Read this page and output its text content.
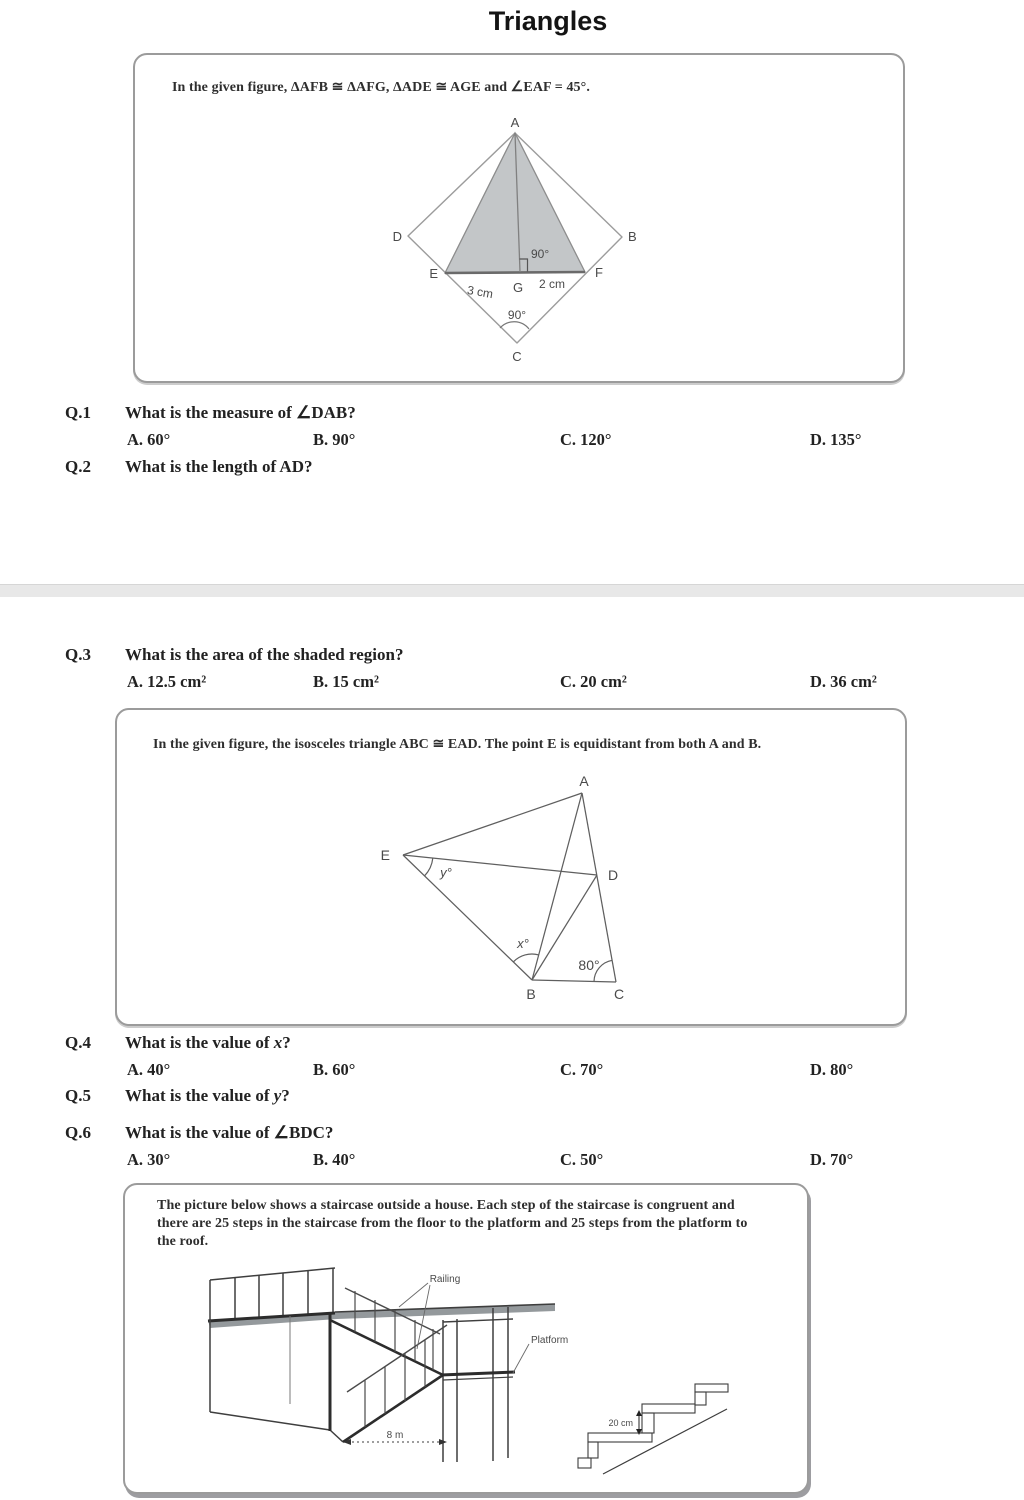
Triangles
In the given figure, ΔAFB ≅ ΔAFG, ΔADE ≅ AGE and ∠EAF = 45°.
A
D	B
E
G
F
C
90°
2 cm
3 cm
90°
Q.1 What is the measure of ∠DAB?
A. 60°	B. 90°	C. 120°	D. 135°
Q.2 What is the length of AD?
Q.3 What is the area of the shaded region?
A. 12.5 cm²	B. 15 cm²	C. 20 cm²	D. 36 cm²
In the given figure, the isosceles triangle ABC ≅ EAD. The point E is equidistant from both A and B.
A
E
D
B	C
y°
x°
80°
Q.4 What is the value of x?
A. 40°	B. 60°	C. 70°	D. 80°
Q.5 What is the value of y?
Q.6 What is the value of ∠BDC?
A. 30°	B. 40°	C. 50°	D. 70°
The picture below shows a staircase outside a house. Each step of the staircase is congruent and
there are 25 steps in the staircase from the floor to the platform and 25 steps from the platform to
the roof.
8 m
Railing
Platform
20 cm
